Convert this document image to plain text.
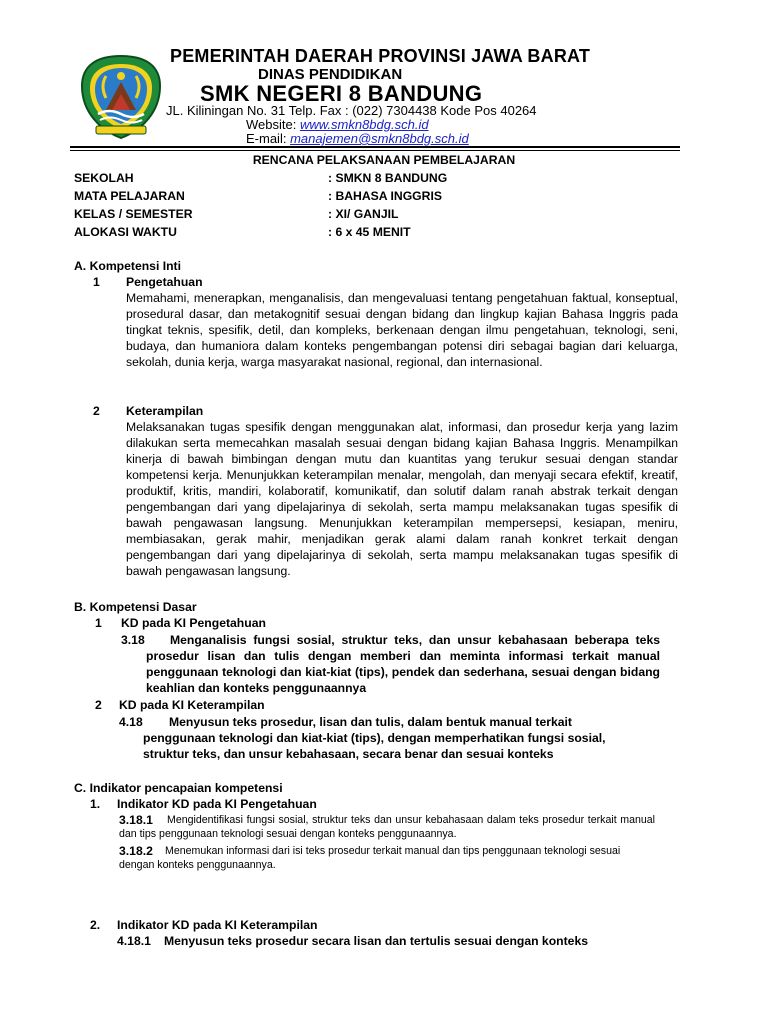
PEMERINTAH DAERAH PROVINSI JAWA BARAT
DINAS PENDIDIKAN
SMK NEGERI 8 BANDUNG
JL. Kiliningan No. 31 Telp. Fax : (022) 7304438 Kode Pos 40264
Website: www.smkn8bdg.sch.id
E-mail: manajemen@smkn8bdg.sch.id
RENCANA PELAKSANAAN PEMBELAJARAN
SEKOLAH	: SMKN 8 BANDUNG
MATA PELAJARAN	: BAHASA INGGRIS
KELAS / SEMESTER	: XI/ GANJIL
ALOKASI WAKTU	: 6 x 45 MENIT
A. Kompetensi Inti
1 Pengetahuan
Memahami, menerapkan, menganalisis, dan mengevaluasi tentang pengetahuan faktual, konseptual, prosedural dasar, dan metakognitif sesuai dengan bidang dan lingkup kajian Bahasa Inggris pada tingkat teknis, spesifik, detil, dan kompleks, berkenaan dengan ilmu pengetahuan, teknologi, seni, budaya, dan humaniora dalam konteks pengembangan potensi diri sebagai bagian dari keluarga, sekolah, dunia kerja, warga masyarakat nasional, regional, dan internasional.
2 Keterampilan
Melaksanakan tugas spesifik dengan menggunakan alat, informasi, dan prosedur kerja yang lazim dilakukan serta memecahkan masalah sesuai dengan bidang kajian Bahasa Inggris. Menampilkan kinerja di bawah bimbingan dengan mutu dan kuantitas yang terukur sesuai dengan standar kompetensi kerja. Menunjukkan keterampilan menalar, mengolah, dan menyaji secara efektif, kreatif, produktif, kritis, mandiri, kolaboratif, komunikatif, dan solutif dalam ranah abstrak terkait dengan pengembangan dari yang dipelajarinya di sekolah, serta mampu melaksanakan tugas spesifik di bawah pengawasan langsung. Menunjukkan keterampilan mempersepsi, kesiapan, meniru, membiasakan, gerak mahir, menjadikan gerak alami dalam ranah konkret terkait dengan pengembangan dari yang dipelajarinya di sekolah, serta mampu melaksanakan tugas spesifik di bawah pengawasan langsung.
B. Kompetensi Dasar
1 KD pada KI Pengetahuan
3.18	Menganalisis fungsi sosial, struktur teks, dan unsur kebahasaan beberapa teks prosedur lisan dan tulis dengan memberi dan meminta informasi terkait manual penggunaan teknologi dan kiat-kiat (tips), pendek dan sederhana, sesuai dengan bidang keahlian dan konteks penggunaannya
2 KD pada KI Keterampilan
4.18	Menyusun teks prosedur, lisan dan tulis, dalam bentuk manual terkait penggunaan teknologi dan kiat-kiat (tips), dengan memperhatikan fungsi sosial, struktur teks, dan unsur kebahasaan, secara benar dan sesuai konteks
C. Indikator pencapaian kompetensi
1. Indikator KD pada KI Pengetahuan
3.18.1	Mengidentifikasi fungsi sosial, struktur teks dan unsur kebahasaan dalam teks prosedur terkait manual dan tips penggunaan teknologi sesuai dengan konteks penggunaannya.
3.18.2	Menemukan informasi dari isi teks prosedur terkait manual dan tips penggunaan teknologi sesuai dengan konteks penggunaannya.
2. Indikator KD pada KI Keterampilan
4.18.1 Menyusun teks prosedur secara lisan dan tertulis sesuai dengan konteks
